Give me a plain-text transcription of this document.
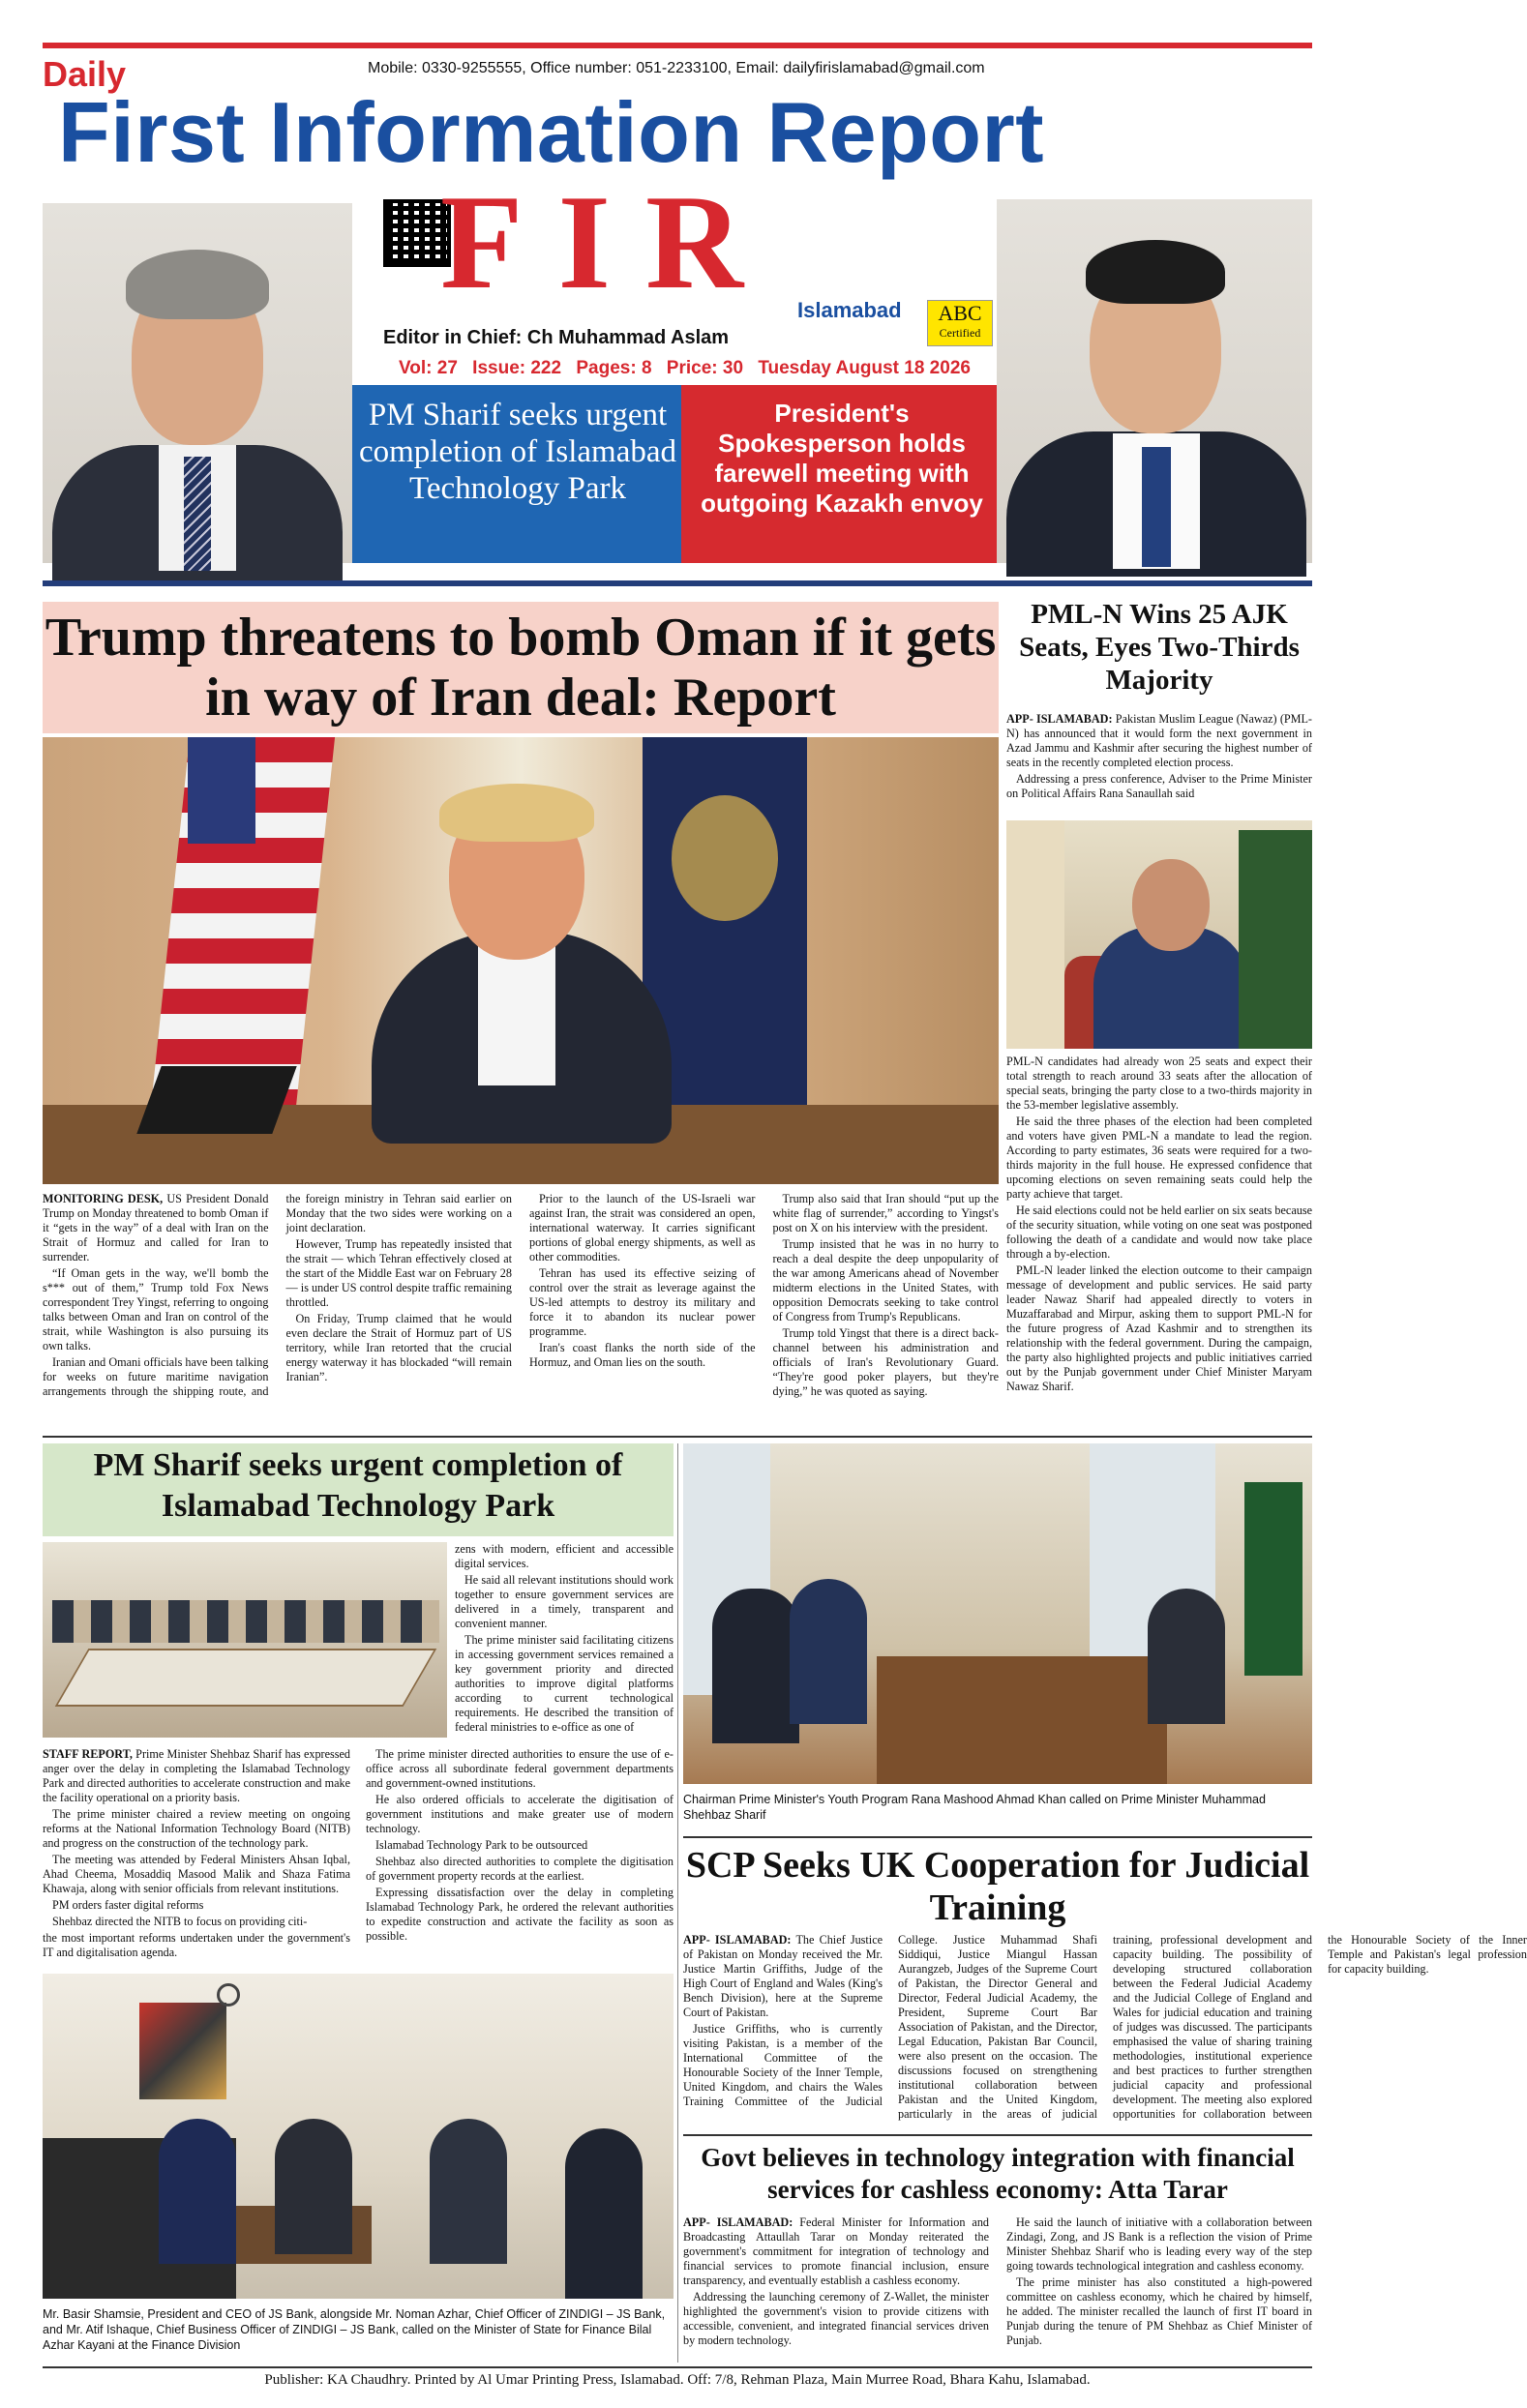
Daily	Mobile: 0330-9255555, Office number: 051-2233100, Email: dailyfirislamabad@gmail.com
First Information Report
FIR Islamabad	ABC
Certified
Editor in Chief: Ch Muhammad Aslam
Vol: 27 Issue: 222 Pages: 8 Price: 30 Tuesday August 18 2026
PM Sharif seeks urgent completion of Islamabad Technology Park
President's Spokesperson holds farewell meeting with outgoing Kazakh envoy
Trump threatens to bomb Oman if it gets in way of Iran deal: Report

MONITORING DESK, US President Donald Trump on Monday threatened to bomb Oman if it “gets in the way” of a deal with Iran on the Strait of Hormuz and called for Iran to surrender.

“If Oman gets in the way, we'll bomb the s*** out of them,” Trump told Fox News correspondent Trey Yingst, referring to ongoing talks between Oman and Iran on control of the strait, while Washington is also pursuing its own talks.

Iranian and Omani officials have been talking for weeks on future maritime navigation arrangements through the shipping route, and the foreign ministry in Tehran said earlier on Monday that the two sides were working on a joint declaration.

However, Trump has repeatedly insisted that the strait — which Tehran effectively closed at the start of the Middle East war on February 28 — is under US control despite traffic remaining throttled.

On Friday, Trump claimed that he would even declare the Strait of Hormuz part of US territory, while Iran retorted that the crucial energy waterway it has blockaded “will remain Iranian”.

Prior to the launch of the US-Israeli war against Iran, the strait was considered an open, international waterway. It carries significant portions of global energy shipments, as well as other commodities.

Tehran has used its effective seizing of control over the strait as leverage against the US-led attempts to destroy its military and force it to abandon its nuclear power programme.

Iran's coast flanks the north side of the Hormuz, and Oman lies on the south.

Trump also said that Iran should “put up the white flag of surrender,” according to Yingst's post on X on his interview with the president.

Trump insisted that he was in no hurry to reach a deal despite the deep unpopularity of the war among Americans ahead of November midterm elections in the United States, with opposition Democrats seeking to take control of Congress from Trump's Republicans.

Trump told Yingst that there is a direct back-channel between his administration and officials of Iran's Revolutionary Guard. “They're good poker players, but they're dying,” he was quoted as saying.

PML-N Wins 25 AJK Seats, Eyes Two-Thirds Majority

APP- ISLAMABAD: Pakistan Muslim League (Nawaz) (PML-N) has announced that it would form the next government in Azad Jammu and Kashmir after securing the highest number of seats in the recently completed election process.

Addressing a press conference, Adviser to the Prime Minister on Political Affairs Rana Sanaullah said

PML-N candidates had already won 25 seats and expect their total strength to reach around 33 seats after the allocation of special seats, bringing the party close to a two-thirds majority in the 53-member legislative assembly.

He said the three phases of the election had been completed and voters have given PML-N a mandate to lead the region. According to party estimates, 36 seats were required for a two-thirds majority in the full house. He expressed confidence that upcoming elections on seven remaining seats could help the party achieve that target.

He said elections could not be held earlier on six seats because of the security situation, while voting on one seat was postponed following the death of a candidate and would now take place through a by-election.

PML-N leader linked the election outcome to their campaign message of development and public services. He said party leader Nawaz Sharif had appealed directly to voters in Muzaffarabad and Mirpur, asking them to support PML-N for the future progress of Azad Kashmir and to strengthen its relationship with the federal government. During the campaign, the party also highlighted projects and public initiatives carried out by the Punjab government under Chief Minister Maryam Nawaz Sharif.

PM Sharif seeks urgent completion of Islamabad Technology Park

zens with modern, efficient and accessible digital services.

He said all relevant institutions should work together to ensure government services are delivered in a timely, transparent and convenient manner.

The prime minister said facilitating citizens in accessing government services remained a key government priority and directed authorities to improve digital platforms according to current technological requirements. He described the transition of federal ministries to e-office as one of

STAFF REPORT, Prime Minister Shehbaz Sharif has expressed anger over the delay in completing the Islamabad Technology Park and directed authorities to accelerate construction and make the facility operational on a priority basis.

The prime minister chaired a review meeting on ongoing reforms at the National Information Technology Board (NITB) and progress on the construction of the technology park.

The meeting was attended by Federal Ministers Ahsan Iqbal, Ahad Cheema, Mosaddiq Masood Malik and Shaza Fatima Khawaja, along with senior officials from relevant institutions.

PM orders faster digital reforms

Shehbaz directed the NITB to focus on providing citi-

the most important reforms undertaken under the government's IT and digitalisation agenda.

The prime minister directed authorities to ensure the use of e-office across all subordinate federal government departments and government-owned institutions.

He also ordered officials to accelerate the digitisation of government institutions and make greater use of modern technology.

Islamabad Technology Park to be outsourced

Shehbaz also directed authorities to complete the digitisation of government property records at the earliest.

Expressing dissatisfaction over the delay in completing Islamabad Technology Park, he ordered the relevant authorities to expedite construction and activate the facility as soon as possible.

Chairman Prime Minister's Youth Program Rana Mashood Ahmad Khan called on Prime Minister Muhammad Shehbaz Sharif
SCP Seeks UK Cooperation for Judicial Training

APP- ISLAMABAD: The Chief Justice of Pakistan on Monday received the Mr. Justice Martin Griffiths, Judge of the High Court of England and Wales (King's Bench Division), here at the Supreme Court of Pakistan.

Justice Griffiths, who is currently visiting Pakistan, is a member of the International Committee of the Honourable Society of the Inner Temple, United Kingdom, and chairs the Wales Training Committee of the Judicial College. Justice Muhammad Shafi Siddiqui, Justice Miangul Hassan Aurangzeb, Judges of the Supreme Court of Pakistan, the Director General and Director, Federal Judicial Academy, the President, Supreme Court Bar Association of Pakistan, and the Director, Legal Education, Pakistan Bar Council, were also present on the occasion. The discussions focused on strengthening institutional collaboration between Pakistan and the United Kingdom, particularly in the areas of judicial training, professional development and capacity building. The possibility of developing structured collaboration between the Federal Judicial Academy and the Judicial College of England and Wales for judicial education and training of judges was discussed. The participants emphasised the value of sharing training methodologies, institutional experience and best practices to further strengthen judicial capacity and professional development. The meeting also explored opportunities for collaboration between the Honourable Society of the Inner Temple and Pakistan's legal profession for capacity building.

Govt believes in technology integration with financial services for cashless economy: Atta Tarar

APP- ISLAMABAD: Federal Minister for Information and Broadcasting Attaullah Tarar on Monday reiterated the government's commitment for integration of technology and financial services to promote financial inclusion, ensure transparency, and eventually establish a cashless economy.

Addressing the launching ceremony of Z-Wallet, the minister highlighted the government's vision to provide citizens with accessible, convenient, and integrated financial services driven by modern technology.

He said the launch of initiative with a collaboration between Zindagi, Zong, and JS Bank is a reflection the vision of Prime Minister Shehbaz Sharif who is leading every way of the step going towards technological integration and cashless economy.

The prime minister has also constituted a high-powered committee on cashless economy, which he chaired by himself, he added. The minister recalled the launch of first IT board in Punjab during the tenure of PM Shehbaz as Chief Minister of Punjab.

Mr. Basir Shamsie, President and CEO of JS Bank, alongside Mr. Noman Azhar, Chief Officer of ZINDIGI – JS Bank, and Mr. Atif Ishaque, Chief Business Officer of ZINDIGI – JS Bank, called on the Minister of State for Finance Bilal Azhar Kayani at the Finance Division
Publisher: KA Chaudhry. Printed by Al Umar Printing Press, Islamabad. Off: 7/8, Rehman Plaza, Main Murree Road, Bhara Kahu, Islamabad.
